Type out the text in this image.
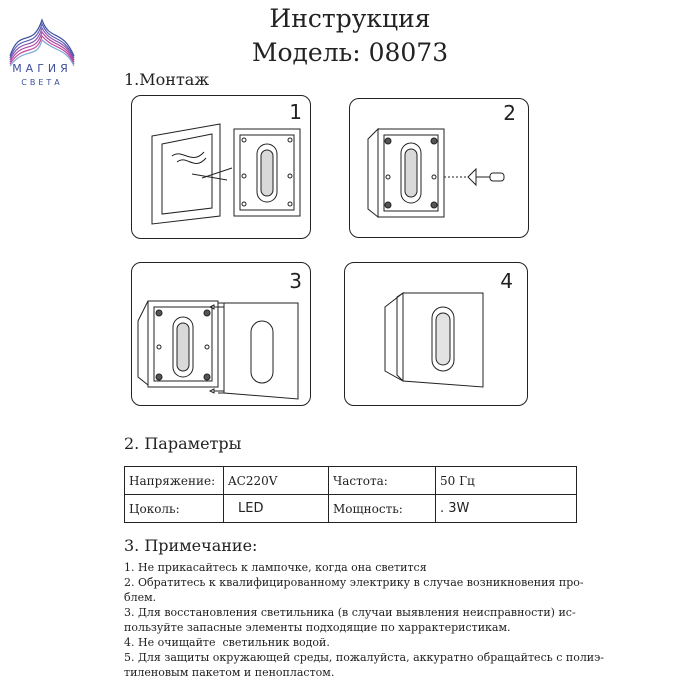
МАГИЯ
СВЕТА
Инструкция
Модель: 08073
1.Монтаж
1	2
3	4
2. Параметры
Напряжение:	AC220V	Частота:	50 Гц
Цоколь:	LED	Мощность:	. 3W
3. Примечание:
1. Не прикасайтесь к лампочке, когда она светится
2. Обратитесь к квалифицированному электрику в случае возникновения про-
блем.
3. Для восстановления светильника (в случаи выявления неисправности) ис-
пользуйте запасные элементы подходящие по харрактеристикам.
4. Не очищайте  светильник водой.
5. Для защиты окружающей среды, пожалуйста, аккуратно обращайтесь с полиэ-
тиленовым пакетом и пенопластом.
